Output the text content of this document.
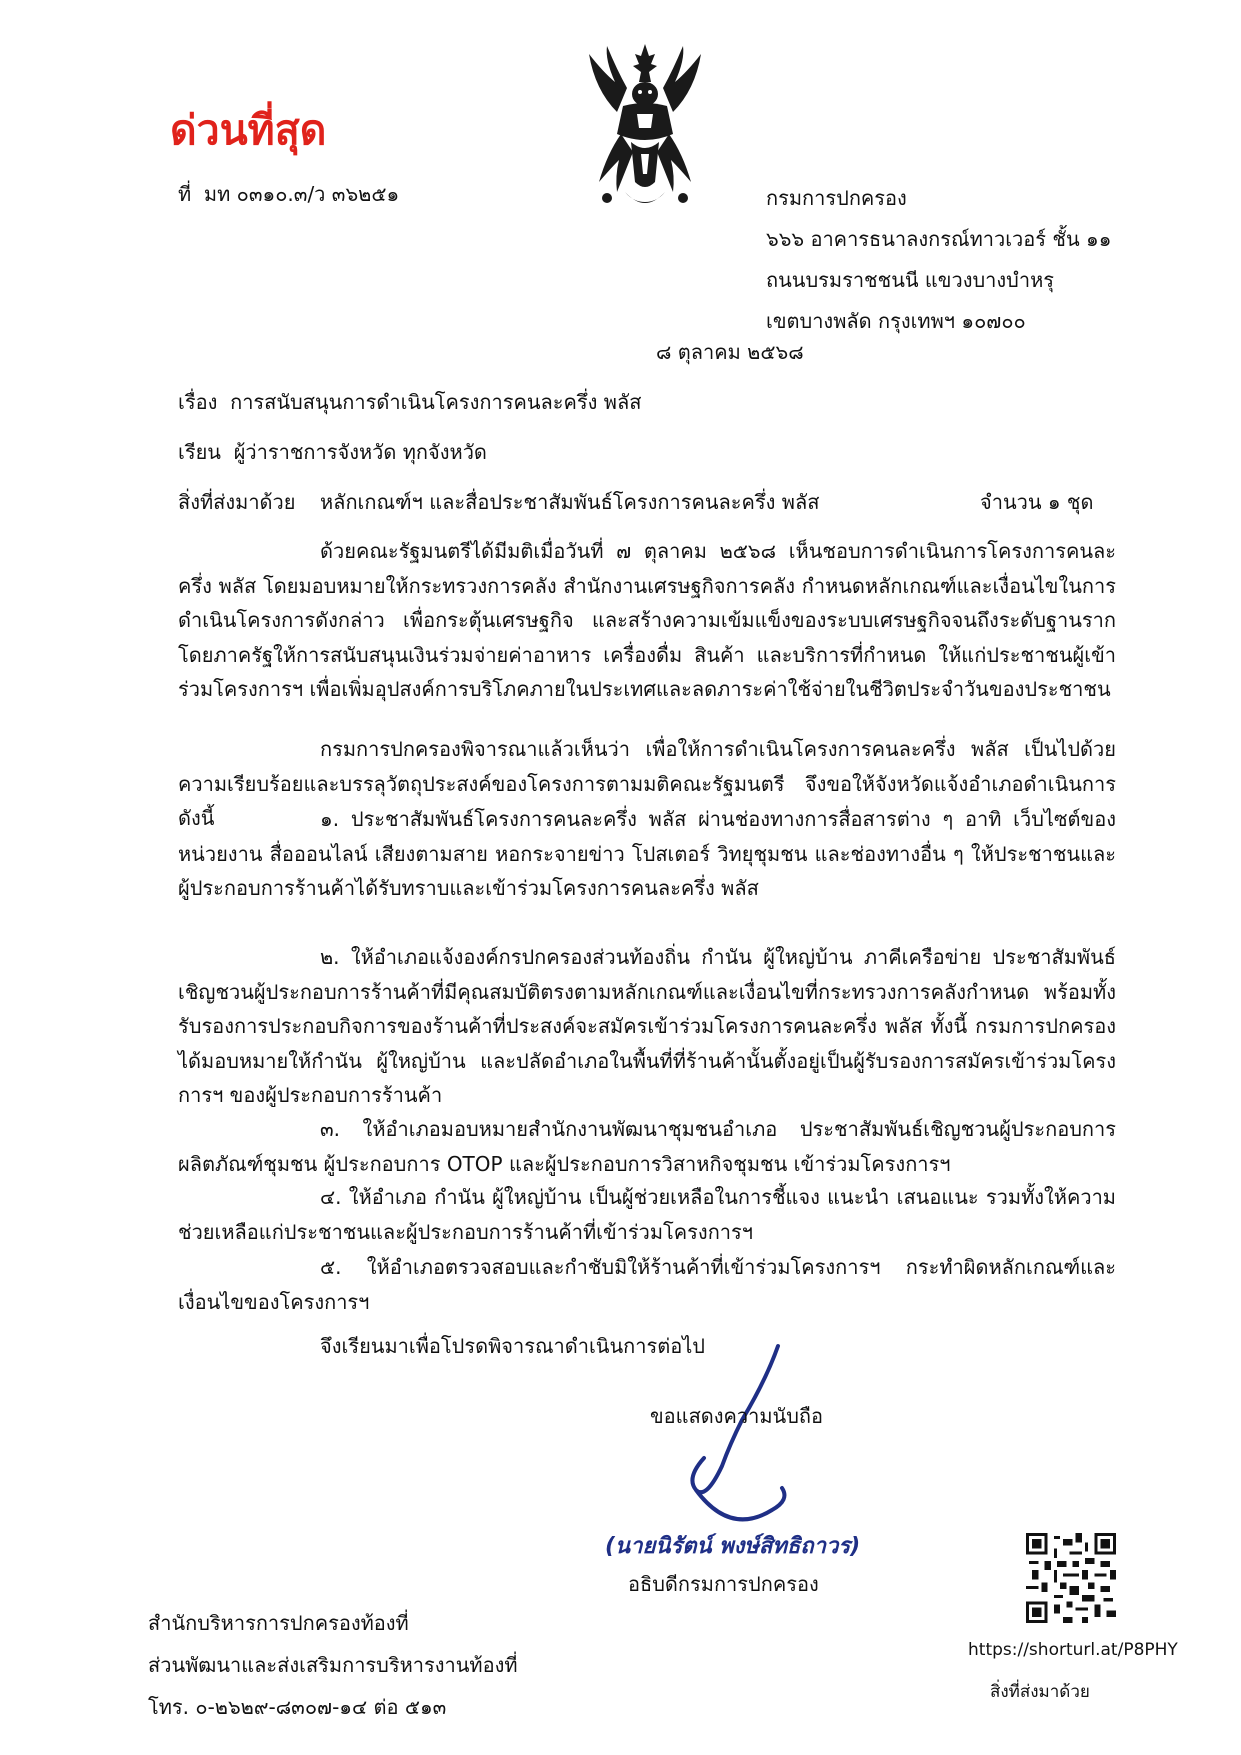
ด่วนที่สุด
ที่ มท ๐๓๑๐.๓/ว ๓๖๒๕๑	กรมการปกครอง
๖๖๖ อาคารธนาลงกรณ์ทาวเวอร์ ชั้น ๑๑
ถนนบรมราชชนนี แขวงบางบำหรุ
เขตบางพลัด กรุงเทพฯ ๑๐๗๐๐
๘ ตุลาคม ๒๕๖๘
เรื่อง การสนับสนุนการดำเนินโครงการคนละครึ่ง พลัส
เรียน ผู้ว่าราชการจังหวัด ทุกจังหวัด
สิ่งที่ส่งมาด้วย หลักเกณฑ์ฯ และสื่อประชาสัมพันธ์โครงการคนละครึ่ง พลัส	จำนวน ๑ ชุด
ด้วยคณะรัฐมนตรีได้มีมติเมื่อวันที่ ๗ ตุลาคม ๒๕๖๘ เห็นชอบการดำเนินการโครงการคนละครึ่ง พลัส โดยมอบหมายให้กระทรวงการคลัง สำนักงานเศรษฐกิจการคลัง กำหนดหลักเกณฑ์และเงื่อนไขในการดำเนินโครงการดังกล่าว เพื่อกระตุ้นเศรษฐกิจ และสร้างความเข้มแข็งของระบบเศรษฐกิจจนถึงระดับฐานราก โดยภาครัฐให้การสนับสนุนเงินร่วมจ่ายค่าอาหาร เครื่องดื่ม สินค้า และบริการที่กำหนด ให้แก่ประชาชนผู้เข้าร่วมโครงการฯ เพื่อเพิ่มอุปสงค์การบริโภคภายในประเทศและลดภาระค่าใช้จ่ายในชีวิตประจำวันของประชาชน
กรมการปกครองพิจารณาแล้วเห็นว่า เพื่อให้การดำเนินโครงการคนละครึ่ง พลัส เป็นไปด้วยความเรียบร้อยและบรรลุวัตถุประสงค์ของโครงการตามมติคณะรัฐมนตรี จึงขอให้จังหวัดแจ้งอำเภอดำเนินการ ดังนี้	๑. ประชาสัมพันธ์โครงการคนละครึ่ง พลัส ผ่านช่องทางการสื่อสารต่าง ๆ อาทิ เว็บไซต์ของหน่วยงาน สื่อออนไลน์ เสียงตามสาย หอกระจายข่าว โปสเตอร์ วิทยุชุมชน และช่องทางอื่น ๆ ให้ประชาชนและผู้ประกอบการร้านค้าได้รับทราบและเข้าร่วมโครงการคนละครึ่ง พลัส
๒. ให้อำเภอแจ้งองค์กรปกครองส่วนท้องถิ่น กำนัน ผู้ใหญ่บ้าน ภาคีเครือข่าย ประชาสัมพันธ์เชิญชวนผู้ประกอบการร้านค้าที่มีคุณสมบัติตรงตามหลักเกณฑ์และเงื่อนไขที่กระทรวงการคลังกำหนด พร้อมทั้งรับรองการประกอบกิจการของร้านค้าที่ประสงค์จะสมัครเข้าร่วมโครงการคนละครึ่ง พลัส ทั้งนี้ กรมการปกครองได้มอบหมายให้กำนัน ผู้ใหญ่บ้าน และปลัดอำเภอในพื้นที่ที่ร้านค้านั้นตั้งอยู่เป็นผู้รับรองการสมัครเข้าร่วมโครงการฯ ของผู้ประกอบการร้านค้า
๓. ให้อำเภอมอบหมายสำนักงานพัฒนาชุมชนอำเภอ ประชาสัมพันธ์เชิญชวนผู้ประกอบการผลิตภัณฑ์ชุมชน ผู้ประกอบการ OTOP และผู้ประกอบการวิสาหกิจชุมชน เข้าร่วมโครงการฯ
๔. ให้อำเภอ กำนัน ผู้ใหญ่บ้าน เป็นผู้ช่วยเหลือในการชี้แจง แนะนำ เสนอแนะ รวมทั้งให้ความช่วยเหลือแก่ประชาชนและผู้ประกอบการร้านค้าที่เข้าร่วมโครงการฯ
๕. ให้อำเภอตรวจสอบและกำชับมิให้ร้านค้าที่เข้าร่วมโครงการฯ กระทำผิดหลักเกณฑ์และเงื่อนไขของโครงการฯ
จึงเรียนมาเพื่อโปรดพิจารณาดำเนินการต่อไป
ขอแสดงความนับถือ
(นายนิรัตน์ พงษ์สิทธิถาวร)
อธิบดีกรมการปกครอง
สำนักบริหารการปกครองท้องที่
ส่วนพัฒนาและส่งเสริมการบริหารงานท้องที่
โทร. ๐-๒๖๒๙-๘๓๐๗-๑๔ ต่อ ๕๑๓
https://shorturl.at/P8PHY
สิ่งที่ส่งมาด้วย
